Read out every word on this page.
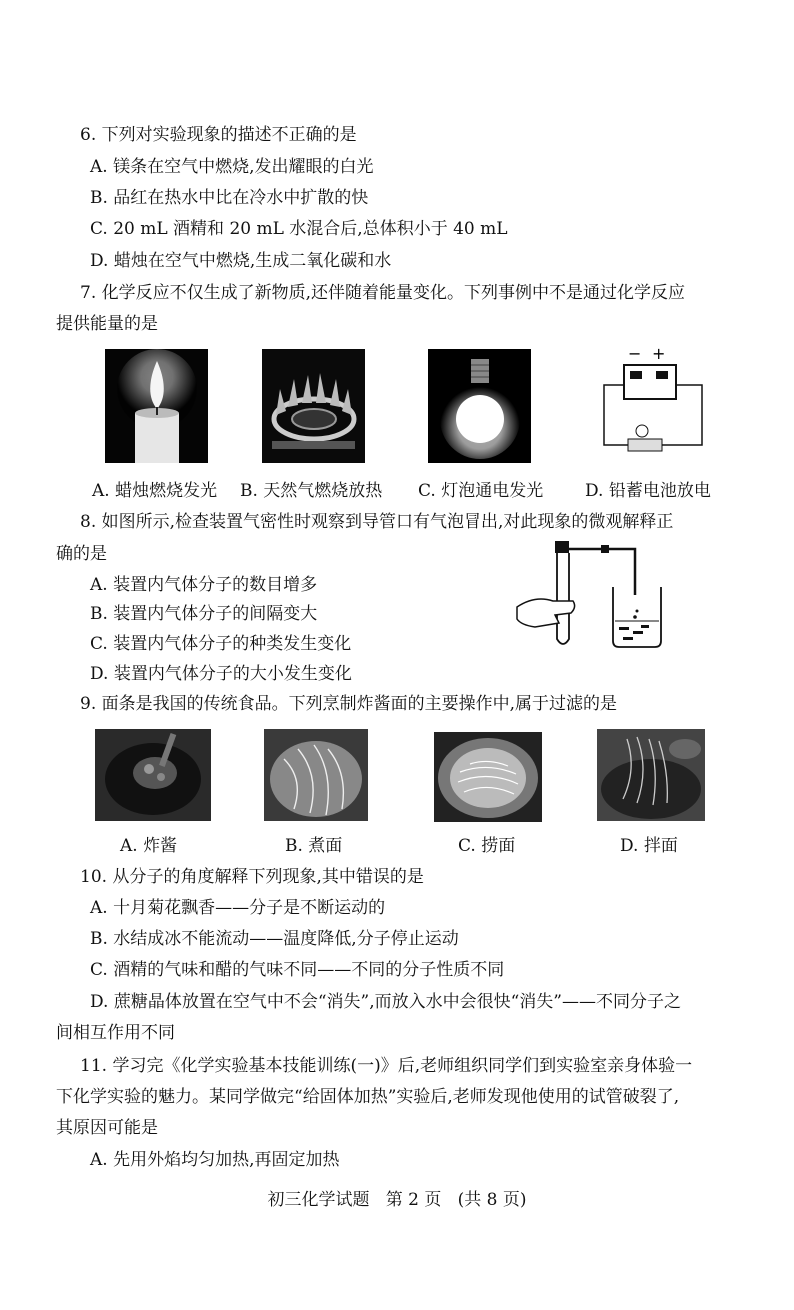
6. 下列对实验现象的描述不正确的是
A. 镁条在空气中燃烧,发出耀眼的白光
B. 品红在热水中比在冷水中扩散的快
C. 20 mL 酒精和 20 mL 水混合后,总体积小于 40 mL
D. 蜡烛在空气中燃烧,生成二氧化碳和水
7. 化学反应不仅生成了新物质,还伴随着能量变化。下列事例中不是通过化学反应
提供能量的是
− +
A. 蜡烛燃烧发光 B. 天然气燃烧放热 C. 灯泡通电发光 D. 铅蓄电池放电
8. 如图所示,检查装置气密性时观察到导管口有气泡冒出,对此现象的微观解释正
确的是
A. 装置内气体分子的数目增多
B. 装置内气体分子的间隔变大
C. 装置内气体分子的种类发生变化
D. 装置内气体分子的大小发生变化
9. 面条是我国的传统食品。下列烹制炸酱面的主要操作中,属于过滤的是
A. 炸酱	B. 煮面	C. 捞面	D. 拌面
10. 从分子的角度解释下列现象,其中错误的是
A. 十月菊花飘香——分子是不断运动的
B. 水结成冰不能流动——温度降低,分子停止运动
C. 酒精的气味和醋的气味不同——不同的分子性质不同
D. 蔗糖晶体放置在空气中不会“消失”,而放入水中会很快“消失”——不同分子之
间相互作用不同
11. 学习完《化学实验基本技能训练(一)》后,老师组织同学们到实验室亲身体验一
下化学实验的魅力。某同学做完“给固体加热”实验后,老师发现他使用的试管破裂了,
其原因可能是
A. 先用外焰均匀加热,再固定加热
初三化学试题   第 2 页   (共 8 页)
